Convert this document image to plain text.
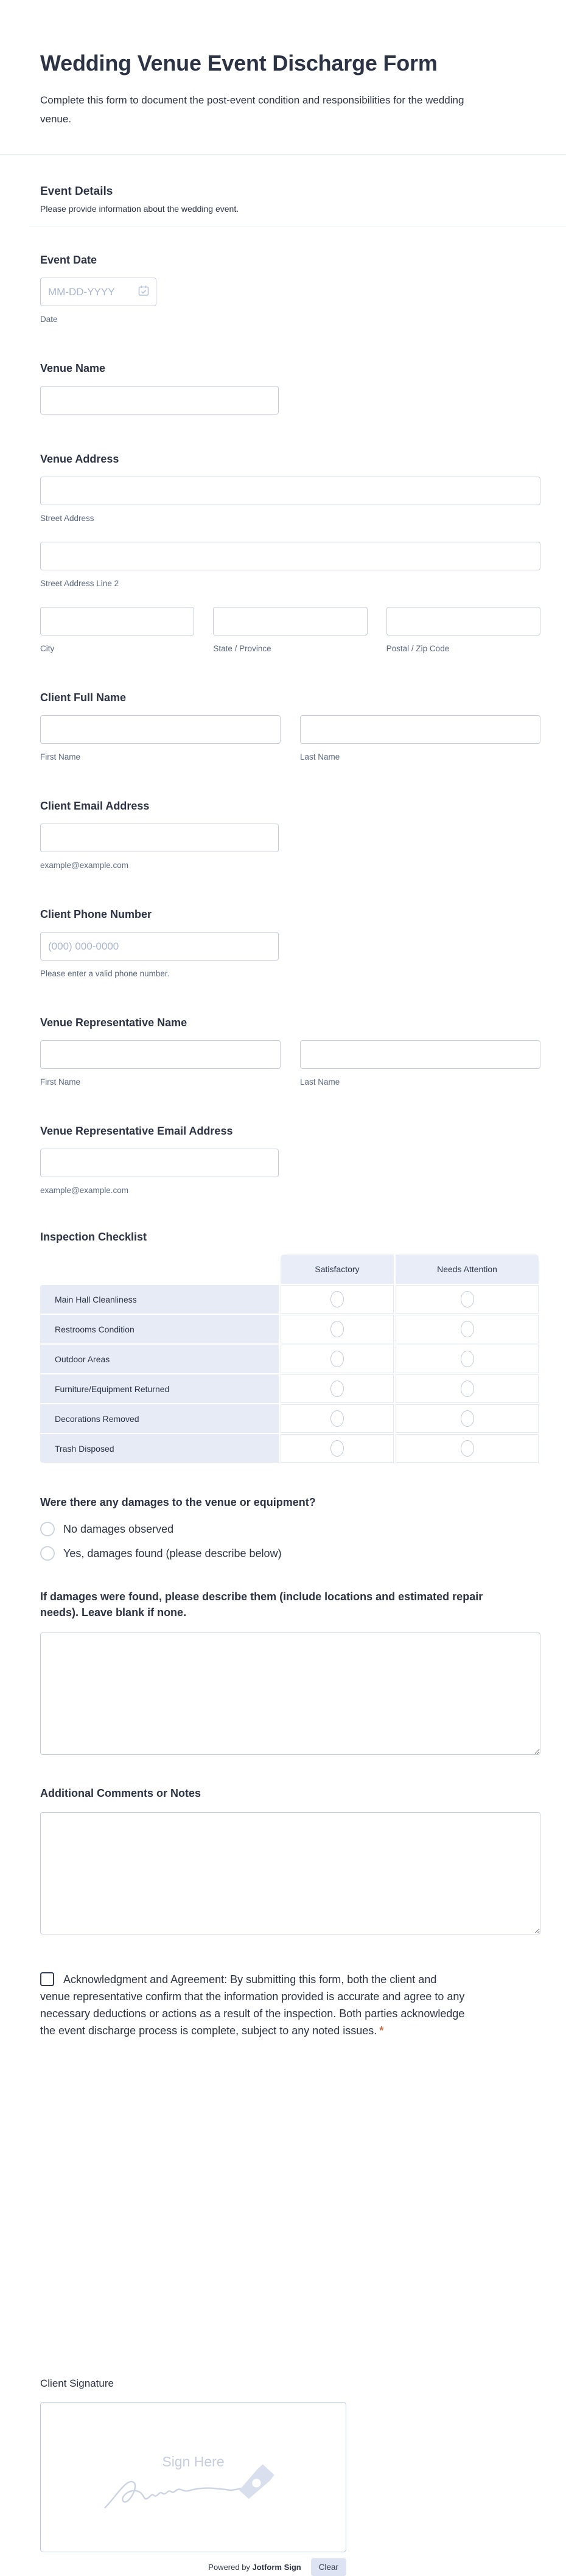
Wedding Venue Event Discharge Form
Complete this form to document the post-event condition and responsibilities for the wedding venue.
Event Details
Please provide information about the wedding event.
Event Date
MM-DD-YYYY
Date
Venue Name
Venue Address
Street Address
Street Address Line 2
City	State / Province	Postal / Zip Code
Client Full Name
First Name	Last Name
Client Email Address
example@example.com
Client Phone Number
(000) 000-0000
Please enter a valid phone number.
Venue Representative Name
First Name	Last Name
Venue Representative Email Address
example@example.com
Inspection Checklist
	Satisfactory	Needs Attention
Main Hall Cleanliness		
Restrooms Condition		
Outdoor Areas		
Furniture/Equipment Returned		
Decorations Removed		
Trash Disposed		
Were there any damages to the venue or equipment?
No damages observed
Yes, damages found (please describe below)
If damages were found, please describe them (include locations and estimated repair needs). Leave blank if none.
Additional Comments or Notes
Acknowledgment and Agreement: By submitting this form, both the client and venue representative confirm that the information provided is accurate and agree to any necessary deductions or actions as a result of the inspection. Both parties acknowledge the event discharge process is complete, subject to any noted issues. *
Client Signature
Sign Here
Powered by Jotform Sign	Clear
